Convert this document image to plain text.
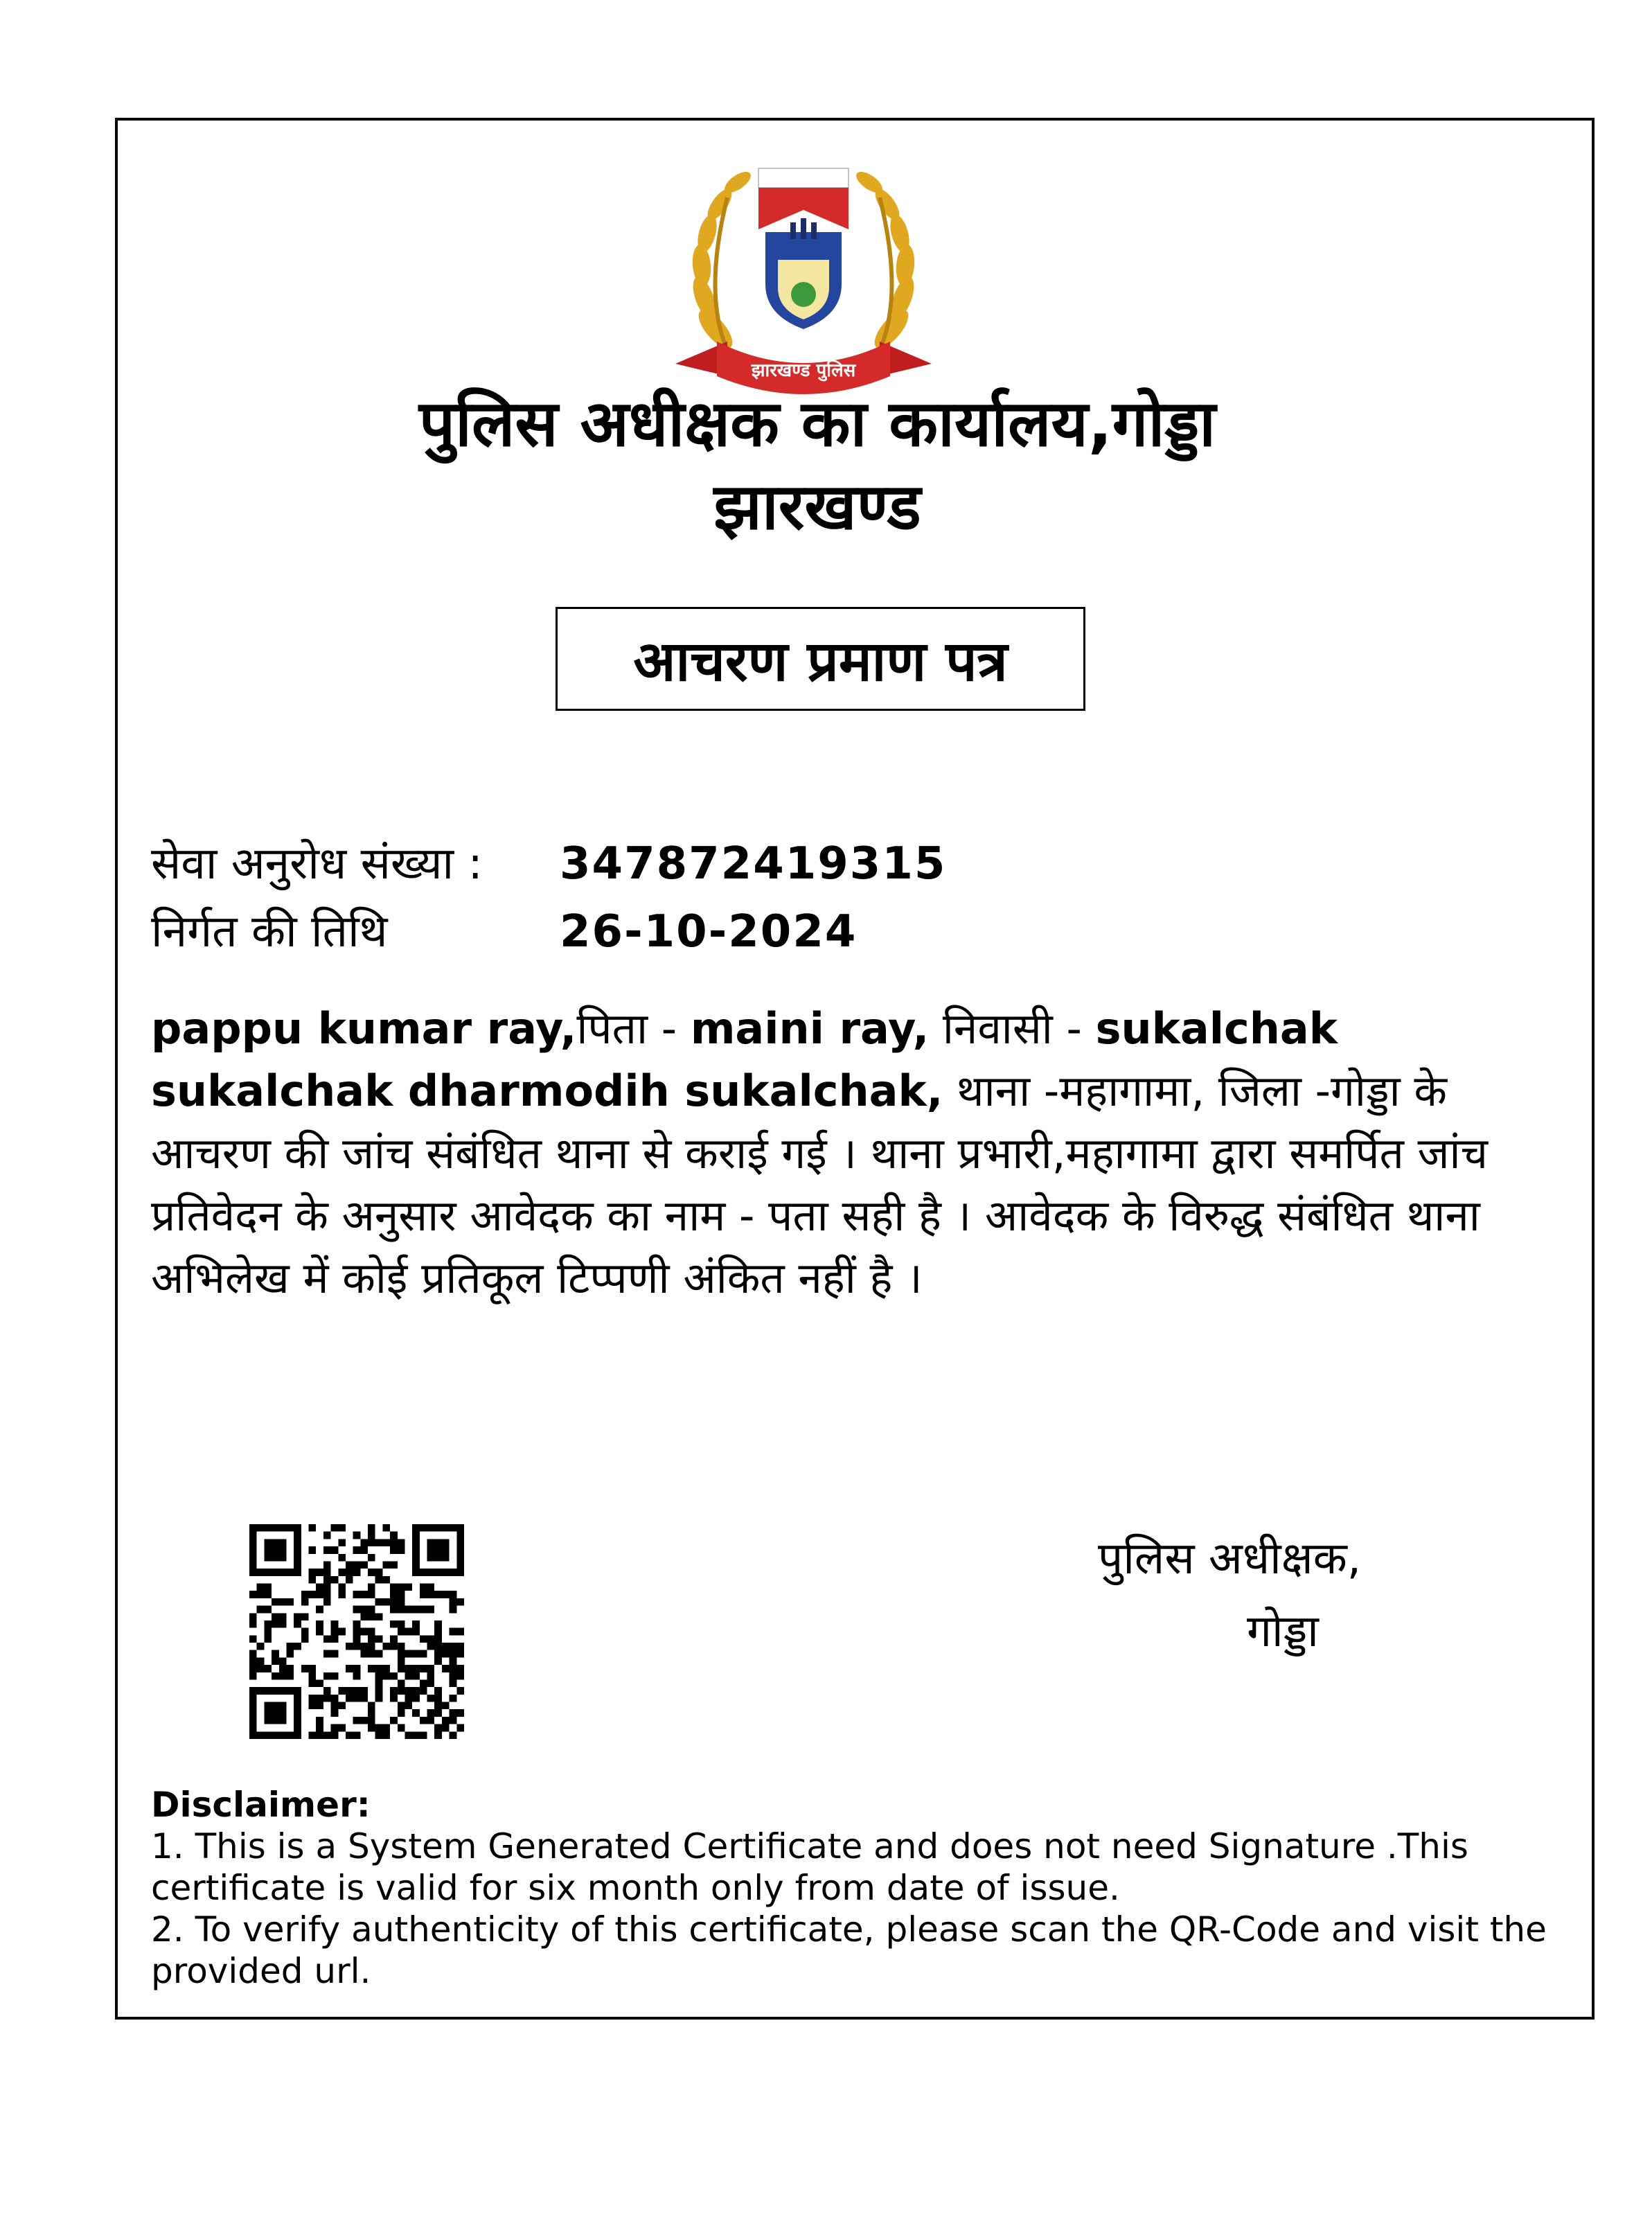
झारखण्ड पुलिस
पुलिस अधीक्षक का कार्यालय,गोड्डा
झारखण्ड
आचरण प्रमाण पत्र
सेवा अनुरोध संख्या : 347872419315
निर्गत की तिथि	26-10-2024

pappu kumar ray,पिता - maini ray, निवासी - sukalchak sukalchak dharmodih sukalchak, थाना -महागामा, जिला -गोड्डा के आचरण की जांच संबंधित थाना से कराई गई । थाना प्रभारी,महागामा द्वारा समर्पित जांच प्रतिवेदन के अनुसार आवेदक का नाम - पता सही है । आवेदक के विरुद्ध संबंधित थाना अभिलेख में कोई प्रतिकूल टिप्पणी अंकित नहीं है ।

पुलिस अधीक्षक,
गोड्डा

Disclaimer:

1. This is a System Generated Certificate and does not need Signature .This certificate is valid for six month only from date of issue.

2. To verify authenticity of this certificate, please scan the QR-Code and visit the provided url.
